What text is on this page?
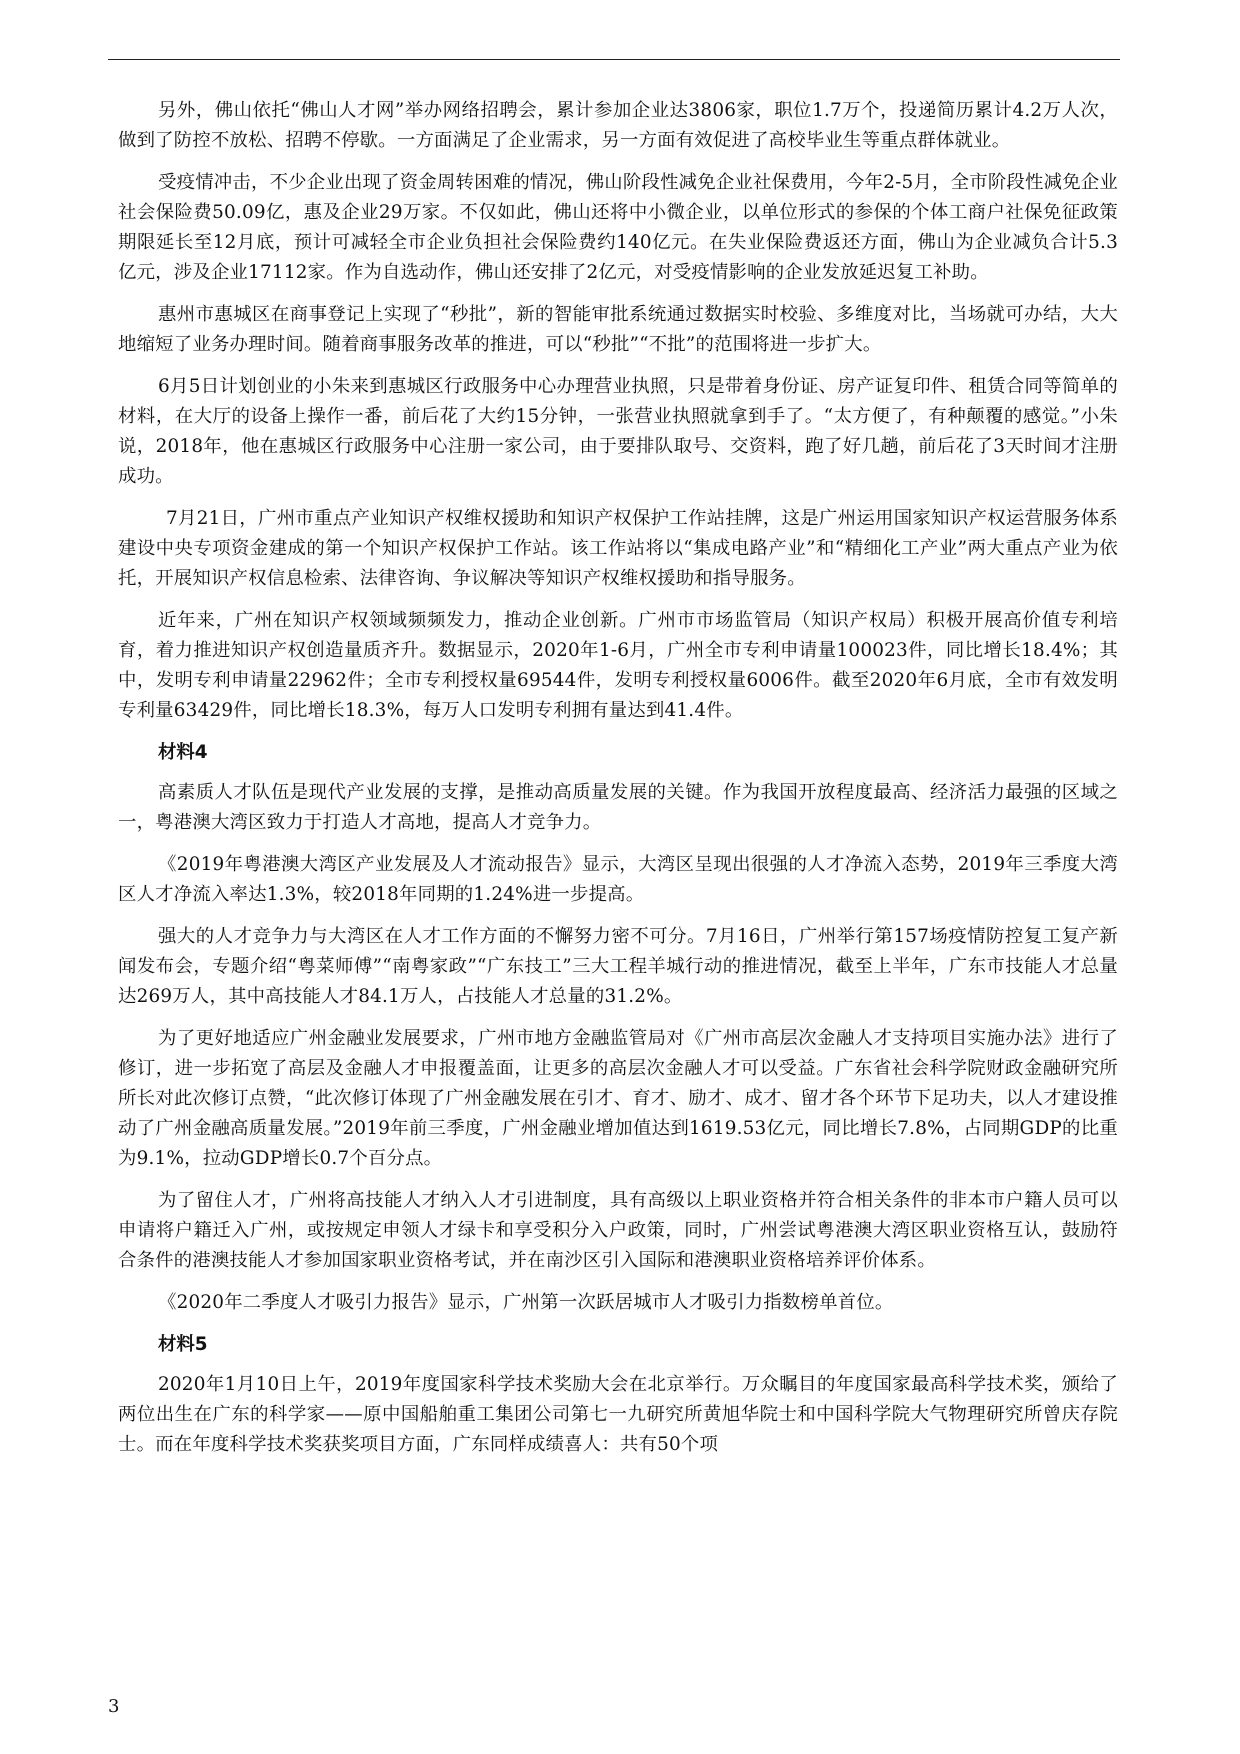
另外，佛山依托“佛山人才网”举办网络招聘会，累计参加企业达3806家，职位1.7万个，投递简历累计4.2万人次，做到了防控不放松、招聘不停歇。一方面满足了企业需求，另一方面有效促进了高校毕业生等重点群体就业。

受疫情冲击，不少企业出现了资金周转困难的情况，佛山阶段性减免企业社保费用，今年2-5月，全市阶段性减免企业社会保险费50.09亿，惠及企业29万家。不仅如此，佛山还将中小微企业，以单位形式的参保的个体工商户社保免征政策期限延长至12月底，预计可减轻全市企业负担社会保险费约140亿元。在失业保险费返还方面，佛山为企业减负合计5.3亿元，涉及企业17112家。作为自选动作，佛山还安排了2亿元，对受疫情影响的企业发放延迟复工补助。

惠州市惠城区在商事登记上实现了“秒批”，新的智能审批系统通过数据实时校验、多维度对比，当场就可办结，大大地缩短了业务办理时间。随着商事服务改革的推进，可以“秒批”“不批”的范围将进一步扩大。

6月5日计划创业的小朱来到惠城区行政服务中心办理营业执照，只是带着身份证、房产证复印件、租赁合同等简单的材料，在大厅的设备上操作一番，前后花了大约15分钟，一张营业执照就拿到手了。“太方便了，有种颠覆的感觉。”小朱说，2018年，他在惠城区行政服务中心注册一家公司，由于要排队取号、交资料，跑了好几趟，前后花了3天时间才注册成功。

7月21日，广州市重点产业知识产权维权援助和知识产权保护工作站挂牌，这是广州运用国家知识产权运营服务体系建设中央专项资金建成的第一个知识产权保护工作站。该工作站将以“集成电路产业”和“精细化工产业”两大重点产业为依托，开展知识产权信息检索、法律咨询、争议解决等知识产权维权援助和指导服务。

近年来，广州在知识产权领域频频发力，推动企业创新。广州市市场监管局（知识产权局）积极开展高价值专利培育，着力推进知识产权创造量质齐升。数据显示，2020年1-6月，广州全市专利申请量100023件，同比增长18.4%；其中，发明专利申请量22962件；全市专利授权量69544件，发明专利授权量6006件。截至2020年6月底，全市有效发明专利量63429件，同比增长18.3%，每万人口发明专利拥有量达到41.4件。

材料4

高素质人才队伍是现代产业发展的支撑，是推动高质量发展的关键。作为我国开放程度最高、经济活力最强的区域之一，粤港澳大湾区致力于打造人才高地，提高人才竞争力。

《2019年粤港澳大湾区产业发展及人才流动报告》显示，大湾区呈现出很强的人才净流入态势，2019年三季度大湾区人才净流入率达1.3%，较2018年同期的1.24%进一步提高。

强大的人才竞争力与大湾区在人才工作方面的不懈努力密不可分。7月16日，广州举行第157场疫情防控复工复产新闻发布会，专题介绍“粤菜师傅”“南粤家政”“广东技工”三大工程羊城行动的推进情况，截至上半年，广东市技能人才总量达269万人，其中高技能人才84.1万人，占技能人才总量的31.2%。

为了更好地适应广州金融业发展要求，广州市地方金融监管局对《广州市高层次金融人才支持项目实施办法》进行了修订，进一步拓宽了高层及金融人才申报覆盖面，让更多的高层次金融人才可以受益。广东省社会科学院财政金融研究所所长对此次修订点赞，“此次修订体现了广州金融发展在引才、育才、励才、成才、留才各个环节下足功夫，以人才建设推动了广州金融高质量发展。”2019年前三季度，广州金融业增加值达到1619.53亿元，同比增长7.8%，占同期GDP的比重为9.1%，拉动GDP增长0.7个百分点。

为了留住人才，广州将高技能人才纳入人才引进制度，具有高级以上职业资格并符合相关条件的非本市户籍人员可以申请将户籍迁入广州，或按规定申领人才绿卡和享受积分入户政策，同时，广州尝试粤港澳大湾区职业资格互认，鼓励符合条件的港澳技能人才参加国家职业资格考试，并在南沙区引入国际和港澳职业资格培养评价体系。

《2020年二季度人才吸引力报告》显示，广州第一次跃居城市人才吸引力指数榜单首位。

材料5

2020年1月10日上午，2019年度国家科学技术奖励大会在北京举行。万众瞩目的年度国家最高科学技术奖，颁给了两位出生在广东的科学家——原中国船舶重工集团公司第七一九研究所黄旭华院士和中国科学院大气物理研究所曾庆存院士。而在年度科学技术奖获奖项目方面，广东同样成绩喜人：共有50个项

3
